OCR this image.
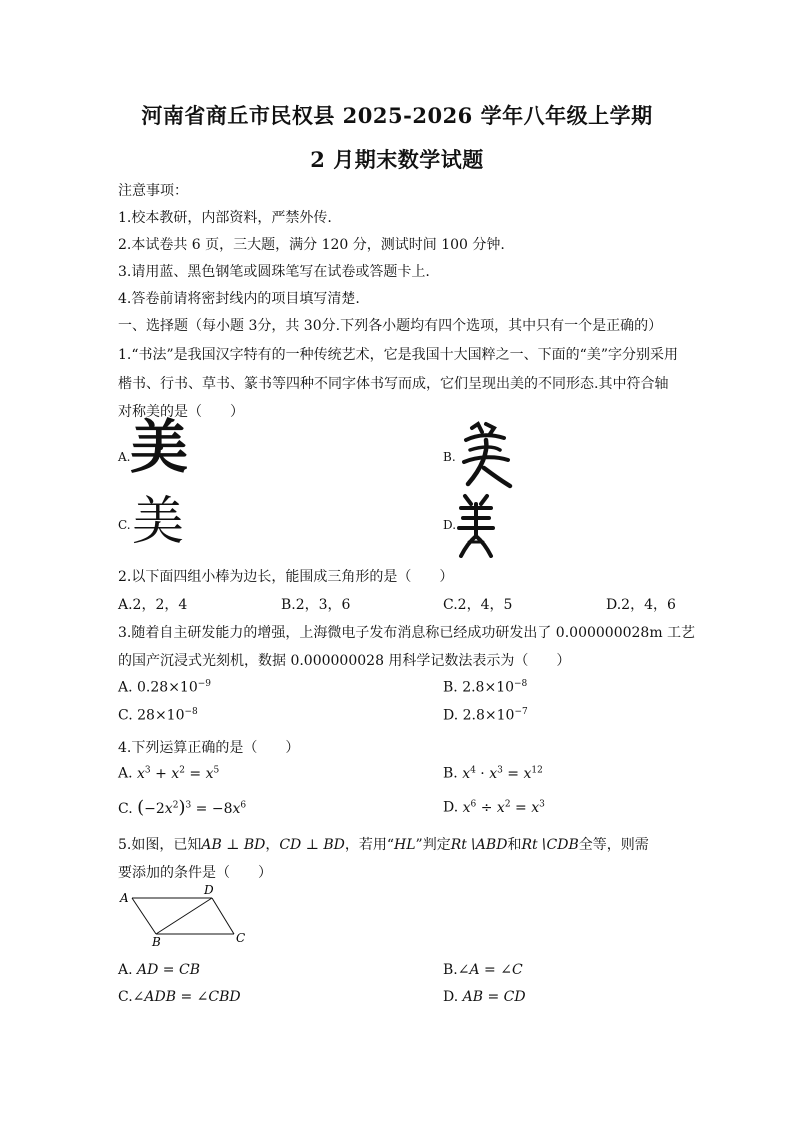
河南省商丘市民权县 2025-2026 学年八年级上学期
2 月期末数学试题
注意事项：
1.校本教研，内部资料，严禁外传.
2.本试卷共 6 页，三大题，满分 120 分，测试时间 100 分钟.
3.请用蓝、黑色钢笔或圆珠笔写在试卷或答题卡上.
4.答卷前请将密封线内的项目填写清楚.
一、选择题（每小题 3分，共 30分.下列各小题均有四个选项，其中只有一个是正确的）
1.“书法”是我国汉字特有的一种传统艺术，它是我国十大国粹之一、下面的“美”字分别采用
楷书、行书、草书、篆书等四种不同字体书写而成，它们呈现出美的不同形态.其中符合轴
对称美的是（　　）
A. 美	B.
C. 美	D.
2.以下面四组小棒为边长，能围成三角形的是（　　）
A.2，2，4	B.2，3，6	C.2，4，5	D.2，4，6
3.随着自主研发能力的增强，上海微电子发布消息称已经成功研发出了 0.000000028m 工艺
的国产沉浸式光刻机，数据 0.000000028 用科学记数法表示为（　　）
A. $0.28\times 10^{-9}$	B. $2.8\times 10^{-8}$
C. $28\times 10^{-8}$	D. $2.8\times 10^{-7}$
4.下列运算正确的是（　　）
A. $x^3 + x^2 = x^5$	B. $x^4 \cdot x^3 = x^{12}$
C. $(-2x^2)^3 = -8x^6$	D. $x^6 \div x^2 = x^3$
5.如图，已知AB ⊥ BD，CD ⊥ BD，若用“HL”判定Rt∖ABD和Rt∖CDB全等，则需
要添加的条件是（　　）
A
D
B	C
A. AD = CB	B.∠A = ∠C
C.∠ADB = ∠CBD	D. AB = CD
